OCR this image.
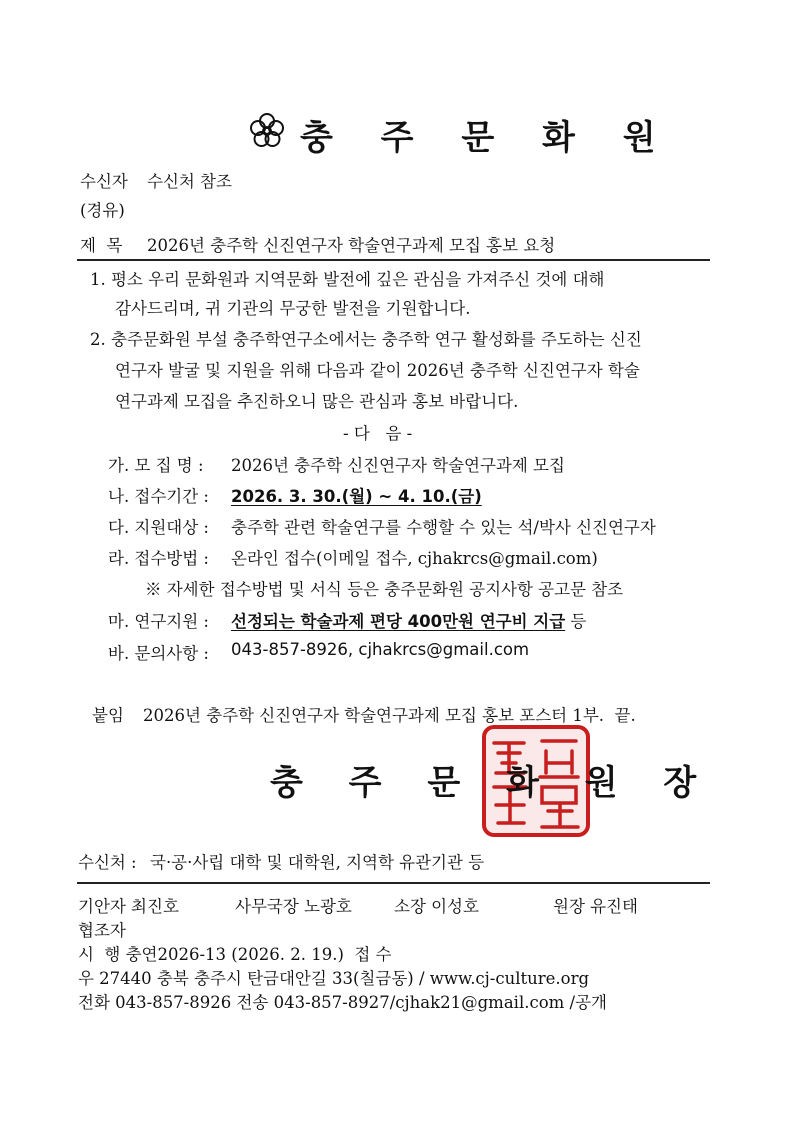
충 주 문 화 원
수신자 수신처 참조
(경유)
제  목 2026년 충주학 신진연구자 학술연구과제 모집 홍보 요청
1. 평소 우리 문화원과 지역문화 발전에 깊은 관심을 가져주신 것에 대해
감사드리며, 귀 기관의 무궁한 발전을 기원합니다.
2. 충주문화원 부설 충주학연구소에서는 충주학 연구 활성화를 주도하는 신진
연구자 발굴 및 지원을 위해 다음과 같이 2026년 충주학 신진연구자 학술
연구과제 모집을 추진하오니 많은 관심과 홍보 바랍니다.
- 다   음 -
가. 모 집 명 : 2026년 충주학 신진연구자 학술연구과제 모집
나. 접수기간 : 2026. 3. 30.(월) ~ 4. 10.(금)
다. 지원대상 : 충주학 관련 학술연구를 수행할 수 있는 석/박사 신진연구자
라. 접수방법 : 온라인 접수(이메일 접수, cjhakrcs@gmail.com)
※ 자세한 접수방법 및 서식 등은 충주문화원 공지사항 공고문 참조
마. 연구지원 : 선정되는 학술과제 편당 400만원 연구비 지급 등
바. 문의사항 : 043-857-8926, cjhakrcs@gmail.com
붙임 2026년 충주학 신진연구자 학술연구과제 모집 홍보 포스터 1부.  끝.
충 주 문 화 원 장
수신처 : 국·공·사립 대학 및 대학원, 지역학 유관기관 등
기안자 최진호	사무국장 노광호	소장 이성호	원장 유진태
협조자
시  행 충연2026-13 (2026. 2. 19.)  접 수
우 27440 충북 충주시 탄금대안길 33(칠금동) / www.cj-culture.org
전화 043-857-8926 전송 043-857-8927/cjhak21@gmail.com /공개
